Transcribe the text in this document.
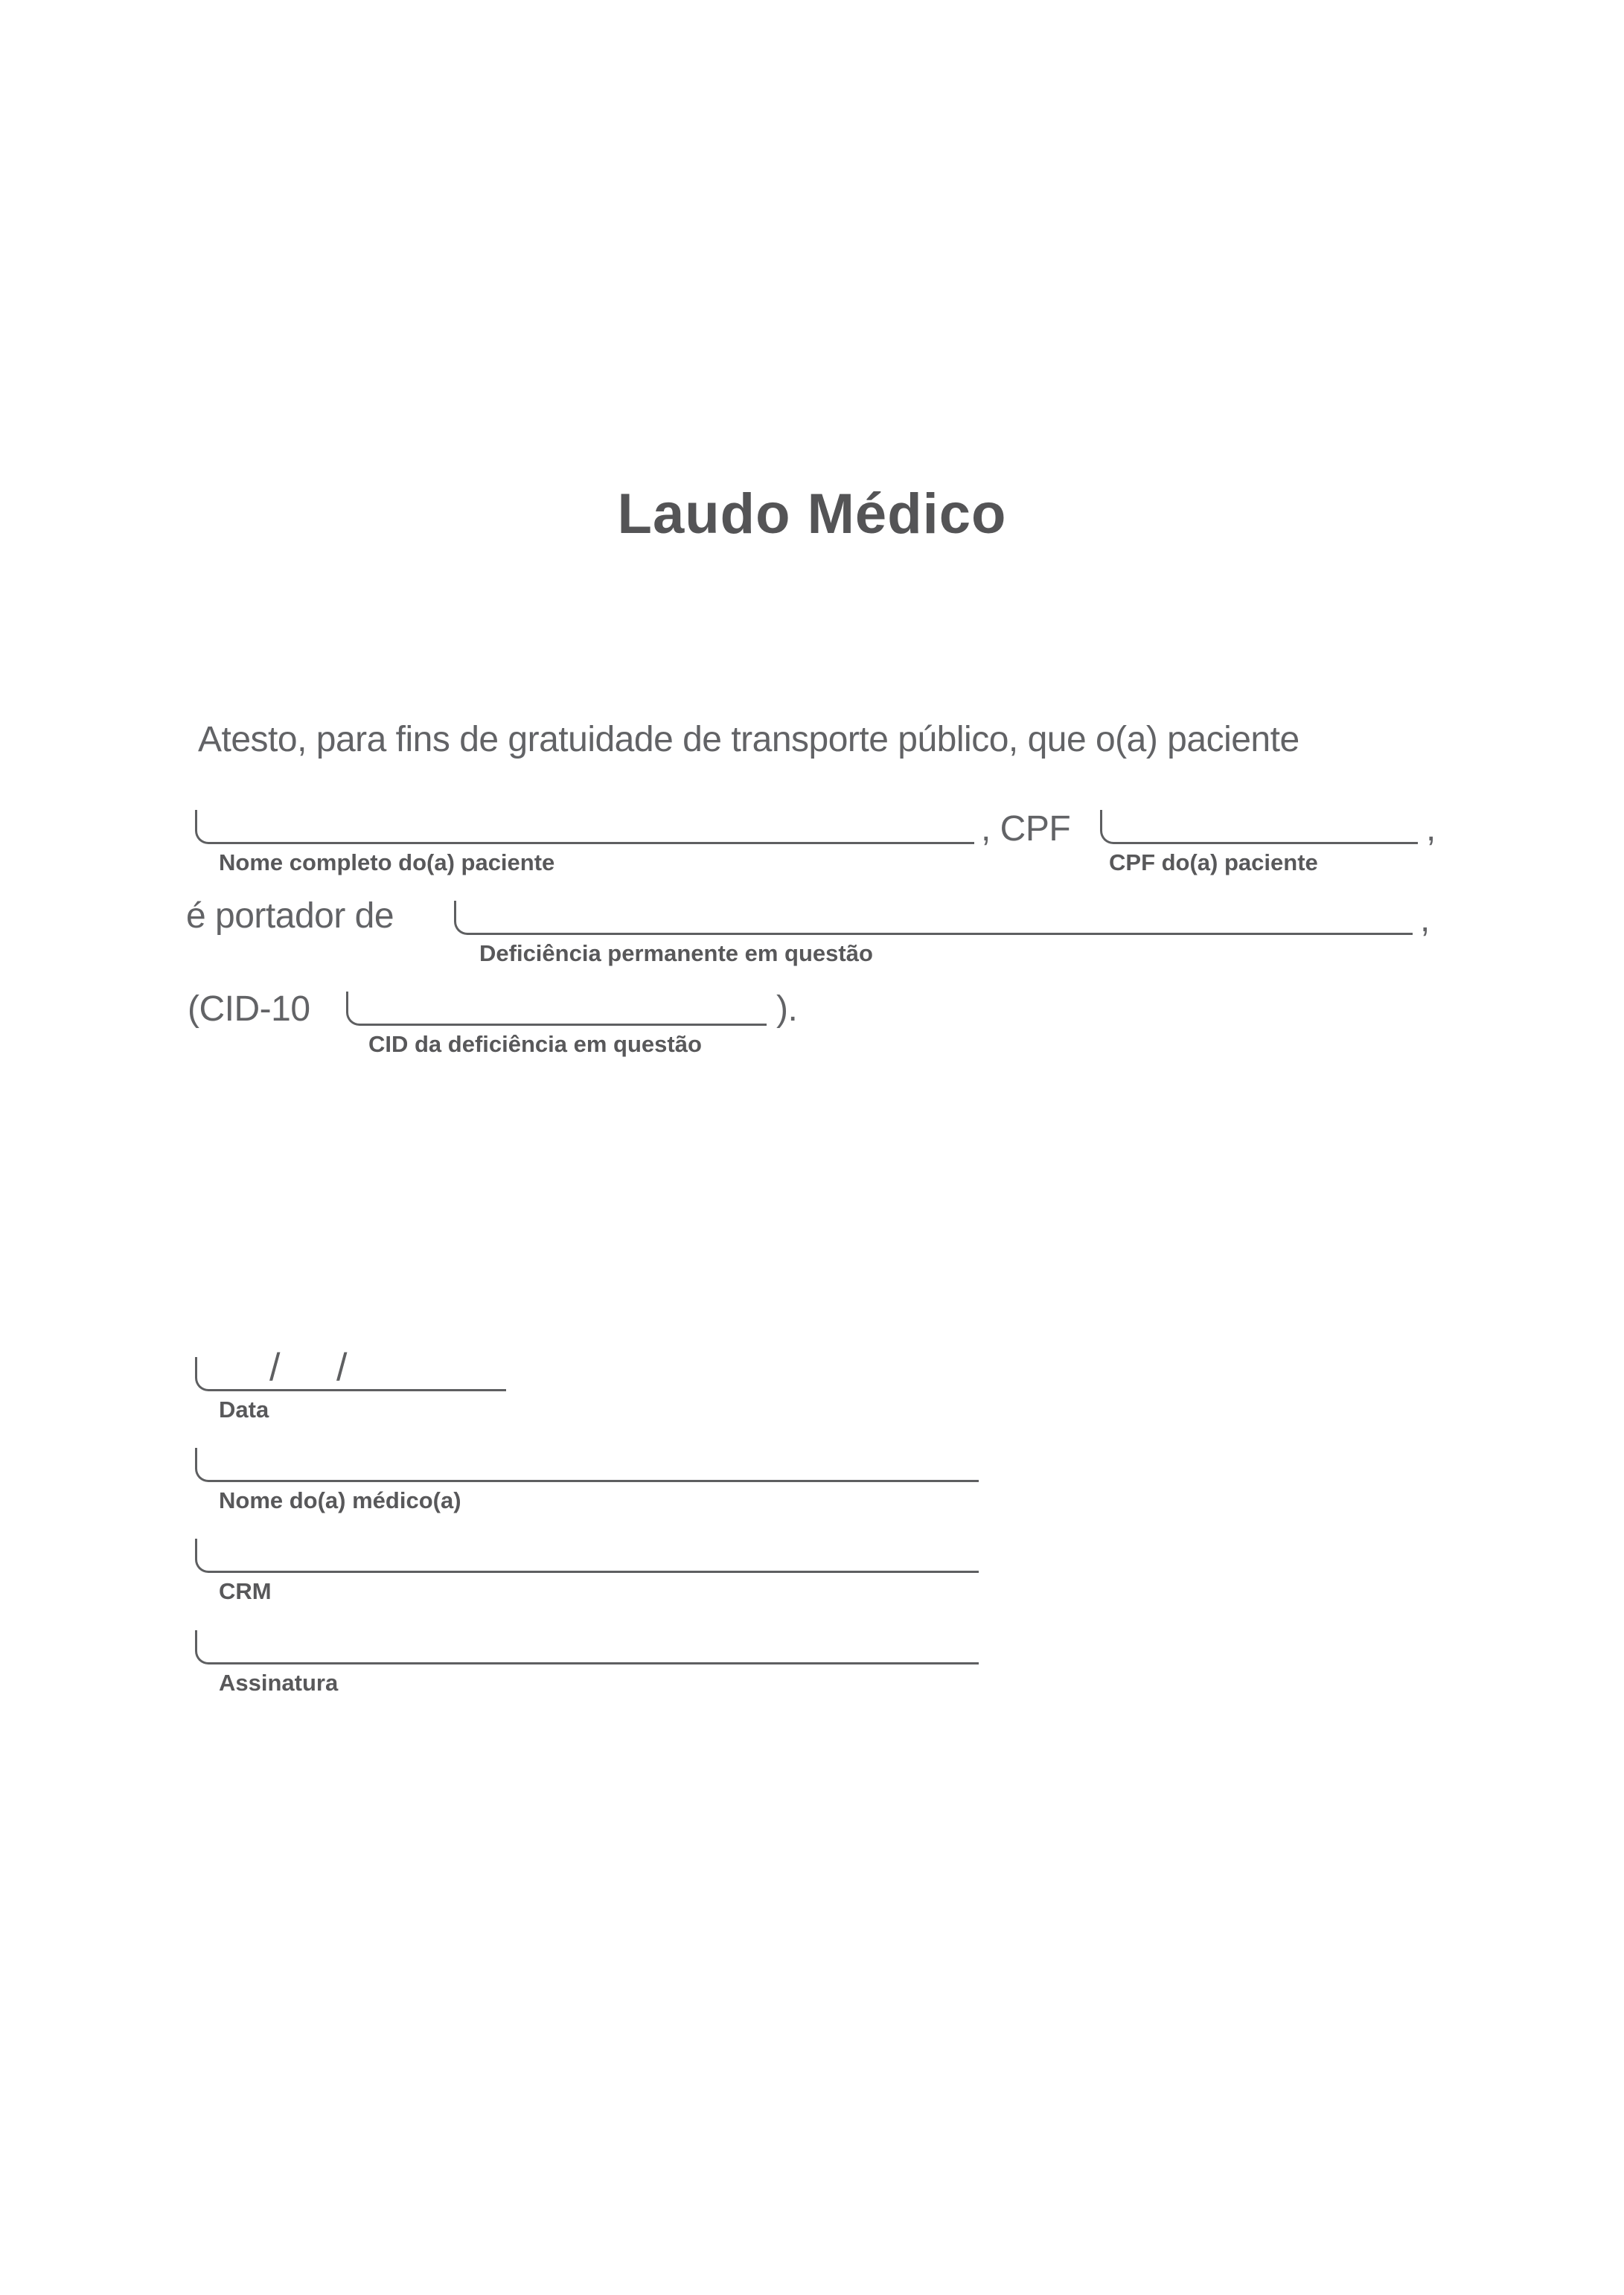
Laudo Médico
Atesto, para fins de gratuidade de transporte público, que o(a) paciente
, CPF	,
Nome completo do(a) paciente	CPF do(a) paciente
é portador de	,
Deficiência permanente em questão
(CID-10	).
CID da deficiência em questão
/ /
Data
Nome do(a) médico(a)
CRM
Assinatura
